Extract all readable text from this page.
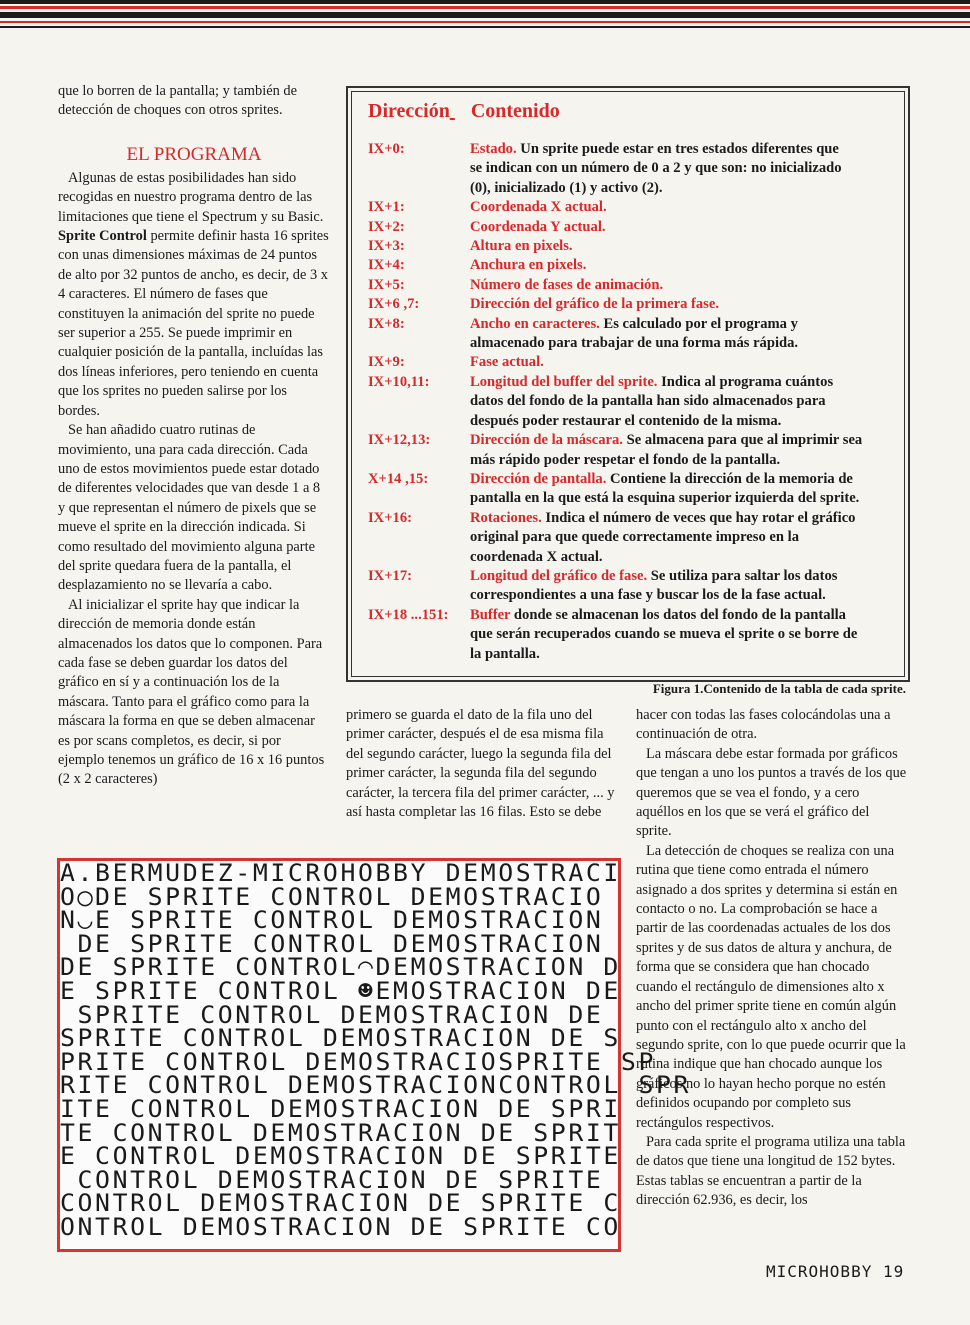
que lo borren de la pantalla; y también de detección de choques con otros sprites.

EL PROGRAMA

Algunas de estas posibilidades han sido recogidas en nuestro programa dentro de las limitaciones que tiene el Spectrum y su Basic. Sprite Control permite definir hasta 16 sprites con unas dimensiones máximas de 24 puntos de alto por 32 puntos de ancho, es decir, de 3 x 4 caracteres. El número de fases que constituyen la animación del sprite no puede ser superior a 255. Se puede imprimir en cualquier posición de la pantalla, incluídas las dos líneas inferiores, pero teniendo en cuenta que los sprites no pueden salirse por los bordes.

Se han añadido cuatro rutinas de movimiento, una para cada dirección. Cada uno de estos movimientos puede estar dotado de diferentes velocidades que van desde 1 a 8 y que representan el número de pixels que se mueve el sprite en la dirección indicada. Si como resultado del movimiento alguna parte del sprite quedara fuera de la pantalla, el desplazamiento no se llevaría a cabo.

Al inicializar el sprite hay que indicar la dirección de memoria donde están almacenados los datos que lo componen. Para cada fase se deben guardar los datos del gráfico en sí y a continuación los de la máscara. Tanto para el gráfico como para la máscara la forma en que se deben almacenar es por scans completos, es decir, si por ejemplo tenemos un gráfico de 16 x 16 puntos (2 x 2 caracteres)

Dirección Contenido
IX+0:	Estado. Un sprite puede estar en tres estados diferentes que
se indican con un número de 0 a 2 y que son: no inicializado
(0), inicializado (1) y activo (2).
IX+1:	Coordenada X actual.
IX+2:	Coordenada Y actual.
IX+3:	Altura en pixels.
IX+4:	Anchura en pixels.
IX+5:	Número de fases de animación.
IX+6 ,7:	Dirección del gráfico de la primera fase.
IX+8:	Ancho en caracteres. Es calculado por el programa y
almacenado para trabajar de una forma más rápida.
IX+9:	Fase actual.
IX+10,11:	Longitud del buffer del sprite. Indica al programa cuántos
datos del fondo de la pantalla han sido almacenados para
después poder restaurar el contenido de la misma.
IX+12,13:	Dirección de la máscara. Se almacena para que al imprimir sea
más rápido poder respetar el fondo de la pantalla.
X+14 ,15:	Dirección de pantalla. Contiene la dirección de la memoria de
pantalla en la que está la esquina superior izquierda del sprite.
IX+16:	Rotaciones. Indica el número de veces que hay rotar el gráfico
original para que quede correctamente impreso en la
coordenada X actual.
IX+17:	Longitud del gráfico de fase. Se utiliza para saltar los datos
correspondientes a una fase y buscar los de la fase actual.
IX+18 ...151:	Buffer donde se almacenan los datos del fondo de la pantalla
que serán recuperados cuando se mueva el sprite o se borre de
la pantalla.
Figura 1.Contenido de la tabla de cada sprite.

primero se guarda el dato de la fila uno del primer carácter, después el de esa misma fila del segundo carácter, luego la segunda fila del primer carácter, la segunda fila del segundo carácter, la tercera fila del primer carácter, ... y así hasta completar las 16 filas. Esto se debe

hacer con todas las fases colocándolas una a continuación de otra.

La máscara debe estar formada por gráficos que tengan a uno los puntos a través de los que queremos que se vea el fondo, y a cero aquéllos en los que se verá el gráfico del sprite.

La detección de choques se realiza con una rutina que tiene como entrada el número asignado a dos sprites y determina si están en contacto o no. La comprobación se hace a partir de las coordenadas actuales de los dos sprites y de sus datos de altura y anchura, de forma que se considera que han chocado cuando el rectángulo de dimensiones alto x ancho del primer sprite tiene en común algún punto con el rectángulo alto x ancho del segundo sprite, con lo que puede ocurrir que la rutina indique que han chocado aunque los gráficos no lo hayan hecho porque no estén definidos ocupando por completo sus rectángulos respectivos.

Para cada sprite el programa utiliza una tabla de datos que tiene una longitud de 152 bytes. Estas tablas se encuentran a partir de la dirección 62.936, es decir, los

A.BERMUDEZ-MICROHOBBY DEMOSTRACI
O◯DE SPRITE CONTROL DEMOSTRACIO
N◡E SPRITE CONTROL DEMOSTRACION
DE SPRITE CONTROL DEMOSTRACION
DE SPRITE CONTROL◠DEMOSTRACION D
E SPRITE CONTROL ☻EMOSTRACION DE
SPRITE CONTROL DEMOSTRACION DE
SPRITE CONTROL DEMOSTRACION DE S
PRITE CONTROL DEMOSTRACIOSPRITE SP
RITE CONTROL DEMOSTRACIONCONTROL SPR
ITE CONTROL DEMOSTRACION DE SPRI
TE CONTROL DEMOSTRACION DE SPRIT
E CONTROL DEMOSTRACION DE SPRITE
CONTROL DEMOSTRACION DE SPRITE
CONTROL DEMOSTRACION DE SPRITE C
ONTROL DEMOSTRACION DE SPRITE CO
MICROHOBBY 19
